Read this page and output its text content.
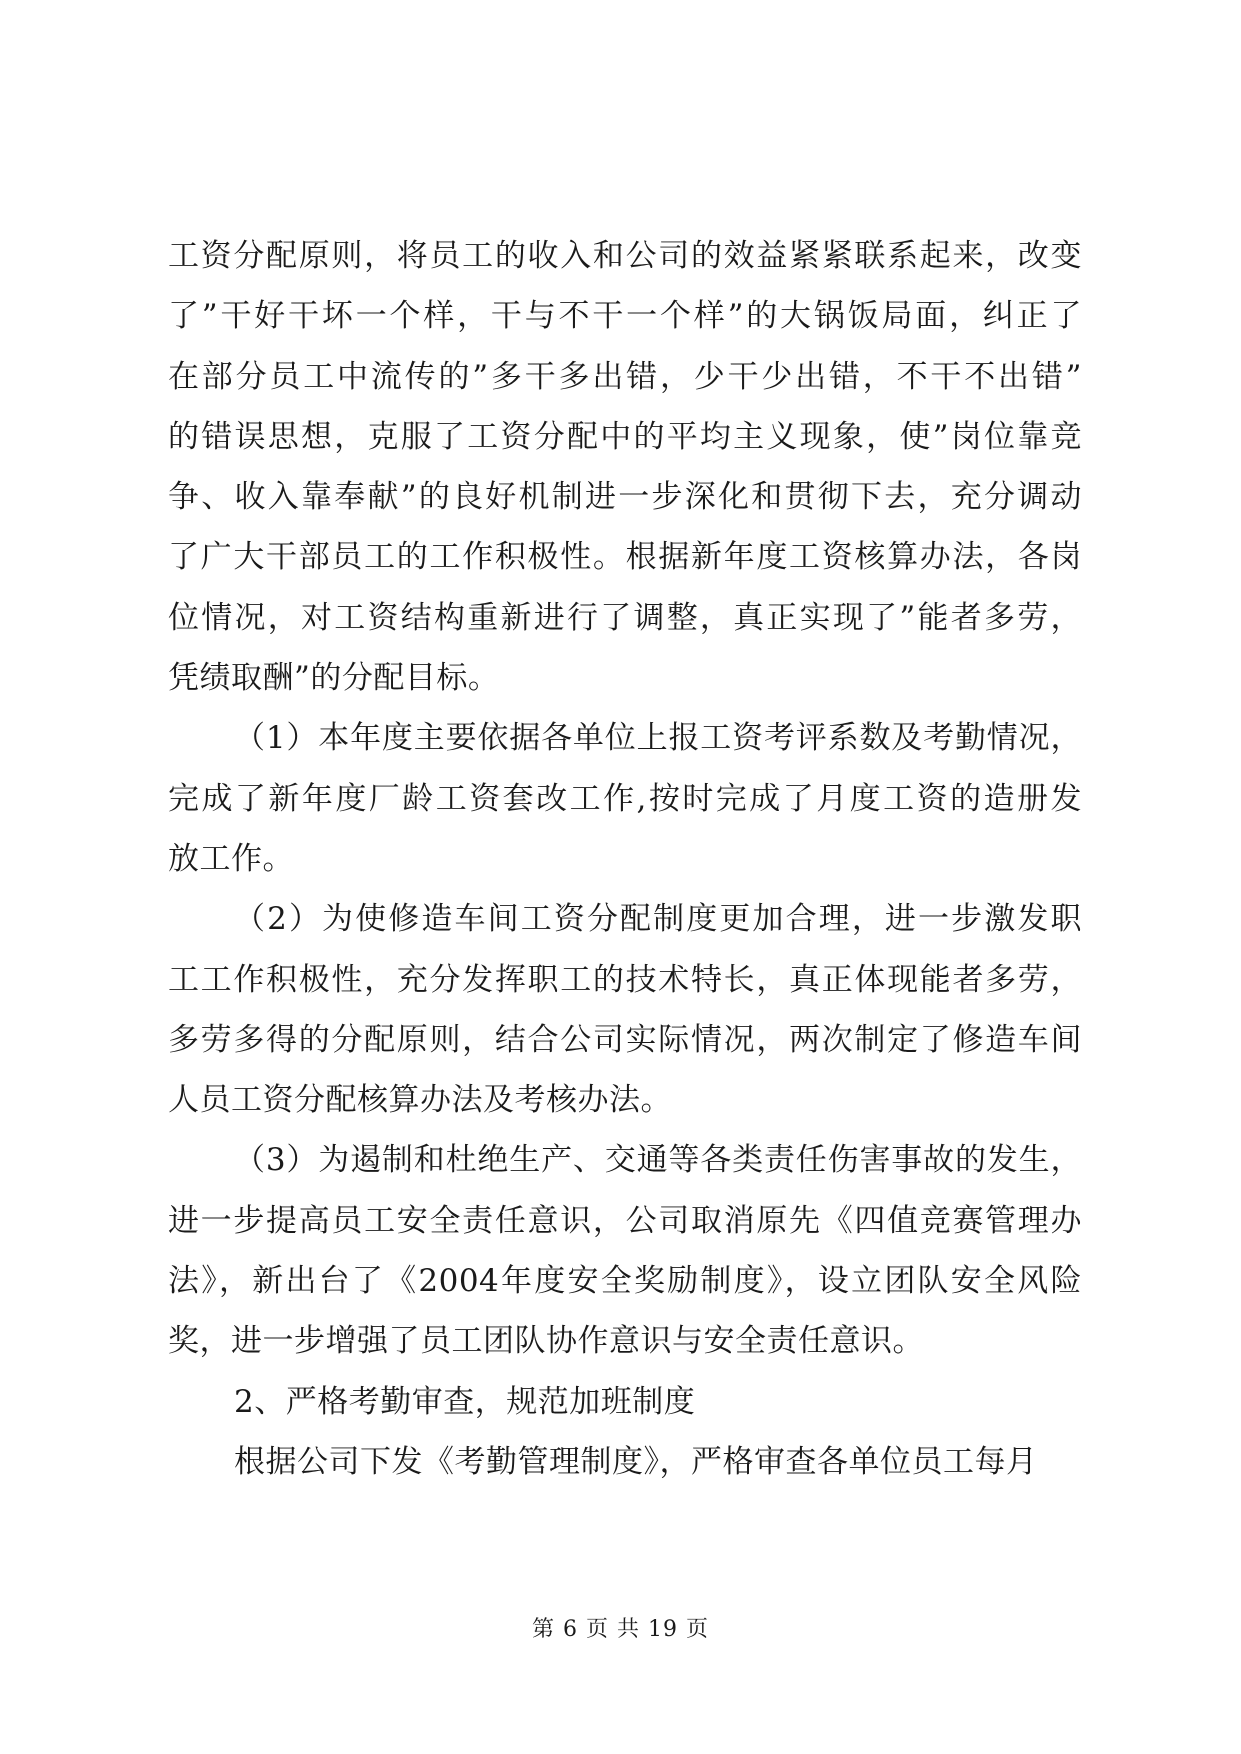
工资分配原则，将员工的收入和公司的效益紧紧联系起来，改变
了”干好干坏一个样，干与不干一个样”的大锅饭局面，纠正了
在部分员工中流传的”多干多出错，少干少出错，不干不出错”
的错误思想，克服了工资分配中的平均主义现象，使”岗位靠竞
争、收入靠奉献”的良好机制进一步深化和贯彻下去，充分调动
了广大干部员工的工作积极性。根据新年度工资核算办法，各岗
位情况，对工资结构重新进行了调整，真正实现了”能者多劳，
凭绩取酬”的分配目标。
（1）本年度主要依据各单位上报工资考评系数及考勤情况，
完成了新年度厂龄工资套改工作,按时完成了月度工资的造册发
放工作。
（2）为使修造车间工资分配制度更加合理，进一步激发职
工工作积极性，充分发挥职工的技术特长，真正体现能者多劳，
多劳多得的分配原则，结合公司实际情况，两次制定了修造车间
人员工资分配核算办法及考核办法。
（3）为遏制和杜绝生产、交通等各类责任伤害事故的发生，
进一步提高员工安全责任意识，公司取消原先《四值竞赛管理办
法》，新出台了《2004年度安全奖励制度》，设立团队安全风险
奖，进一步增强了员工团队协作意识与安全责任意识。
2、严格考勤审查，规范加班制度
根据公司下发《考勤管理制度》，严格审查各单位员工每月
第 6 页 共 19 页
